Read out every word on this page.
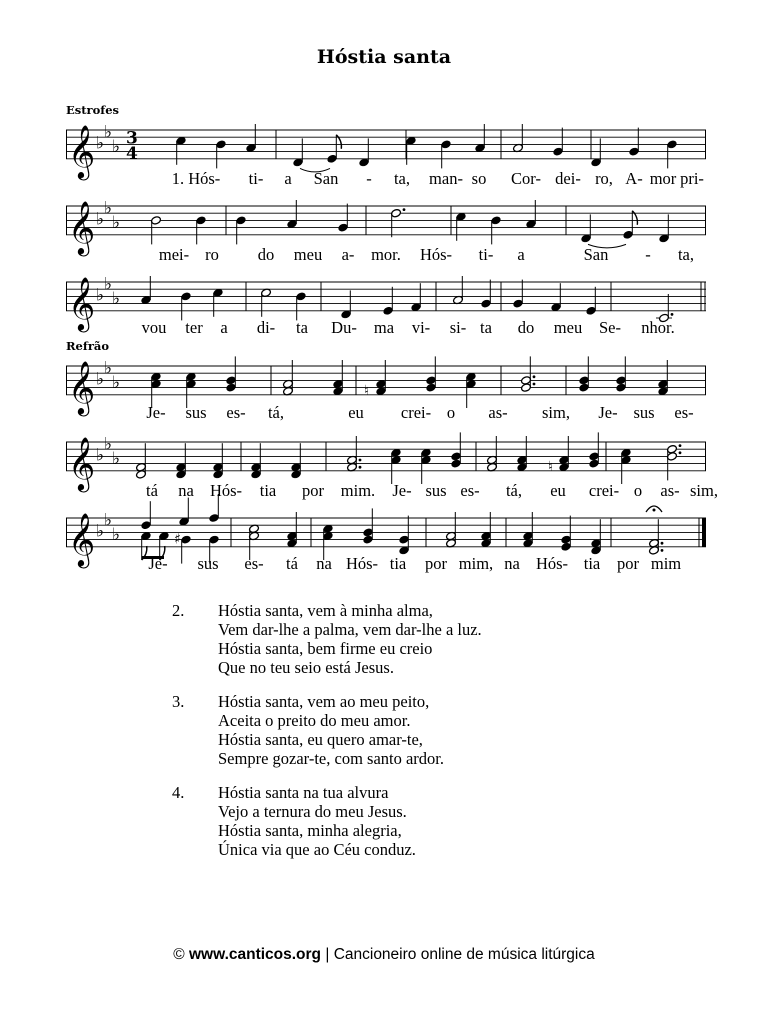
Hóstia santa
Estrofes
Refrão
𝄞 ♭
♭
♭ 3
4
𝄞 ♭
♭
♭
𝄞 ♭
♭
♭
𝄞 ♭
♭
♭	♮
𝄞 ♭
♭
♭	♮
𝄞 ♭
♭
♭	♯
1. Hós- ti- a San - ta, man- so Cor- dei- ro, A- mor pri-
mei- ro do meu a- mor. Hós- ti- a	San - ta,
vou ter a di- ta Du- ma vi- si- ta do meu Se- nhor.
Je- sus es- tá,	eu crei- o as- sim, Je- sus es-
tá na Hós- tia por mim. Je- sus es- tá, eu crei- o as- sim,
Je- sus es- tá na Hós- tia por mim, na Hós- tia por mim
2.	Hóstia santa, vem à minha alma,
Vem dar-lhe a palma, vem dar-lhe a luz.
Hóstia santa, bem firme eu creio
Que no teu seio está Jesus.
3.	Hóstia santa, vem ao meu peito,
Aceita o preito do meu amor.
Hóstia santa, eu quero amar-te,
Sempre gozar-te, com santo ardor.
4.	Hóstia santa na tua alvura
Vejo a ternura do meu Jesus.
Hóstia santa, minha alegria,
Única via que ao Céu conduz.
© www.canticos.org | Cancioneiro online de música litúrgica
